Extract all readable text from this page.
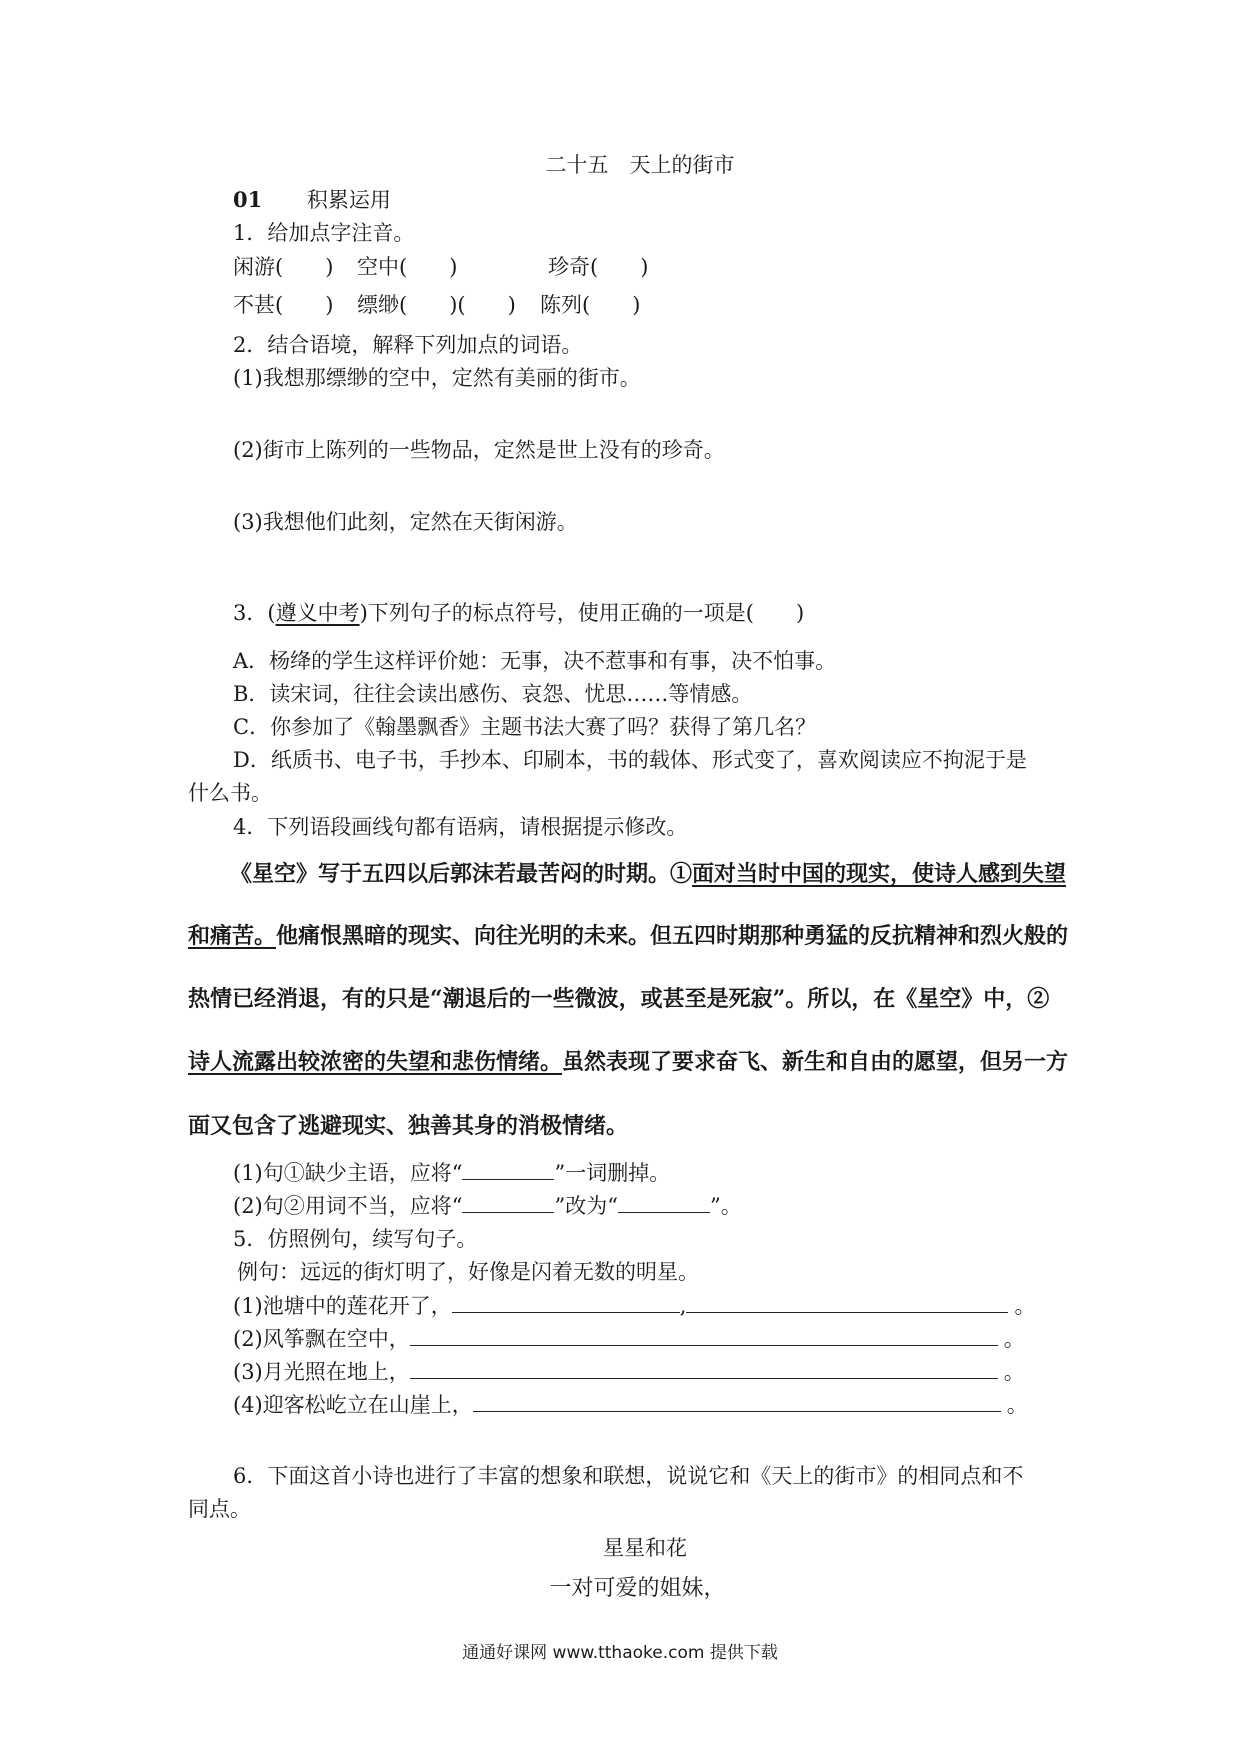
二十五　天上的街市
01 积累运用
1．给加点字注音。
闲游(　　) 空中(　　)	珍奇(　　)
不甚(　　) 缥缈(　　)(　　) 陈列(　　)
2．结合语境，解释下列加点的词语。
(1)我想那缥缈的空中，定然有美丽的街市。
(2)街市上陈列的一些物品，定然是世上没有的珍奇。
(3)我想他们此刻，定然在天街闲游。
3．(遵义中考)下列句子的标点符号，使用正确的一项是(　　)
A．杨绛的学生这样评价她：无事，决不惹事和有事，决不怕事。
B．读宋词，往往会读出感伤、哀怨、忧思……等情感。
C．你参加了《翰墨飘香》主题书法大赛了吗？获得了第几名？
D．纸质书、电子书，手抄本、印刷本，书的载体、形式变了，喜欢阅读应不拘泥于是
什么书。
4．下列语段画线句都有语病，请根据提示修改。
《星空》写于五四以后郭沫若最苦闷的时期。①面对当时中国的现实，使诗人感到失望
和痛苦。他痛恨黑暗的现实、向往光明的未来。但五四时期那种勇猛的反抗精神和烈火般的
热情已经消退，有的只是“潮退后的一些微波，或甚至是死寂”。所以，在《星空》中，②
诗人流露出较浓密的失望和悲伤情绪。虽然表现了要求奋飞、新生和自由的愿望，但另一方
面又包含了逃避现实、独善其身的消极情绪。
(1)句①缺少主语，应将“	”一词删掉。
(2)句②用词不当，应将“	”改为“	”。
5．仿照例句，续写句子。
例句：远远的街灯明了，好像是闪着无数的明星。
(1)池塘中的莲花开了，	,	。
(2)风筝飘在空中，	。
(3)月光照在地上，	。
(4)迎客松屹立在山崖上，	。
6．下面这首小诗也进行了丰富的想象和联想，说说它和《天上的街市》的相同点和不
同点。
星星和花
一对可爱的姐妹，
通通好课网 www.tthaoke.com 提供下载
